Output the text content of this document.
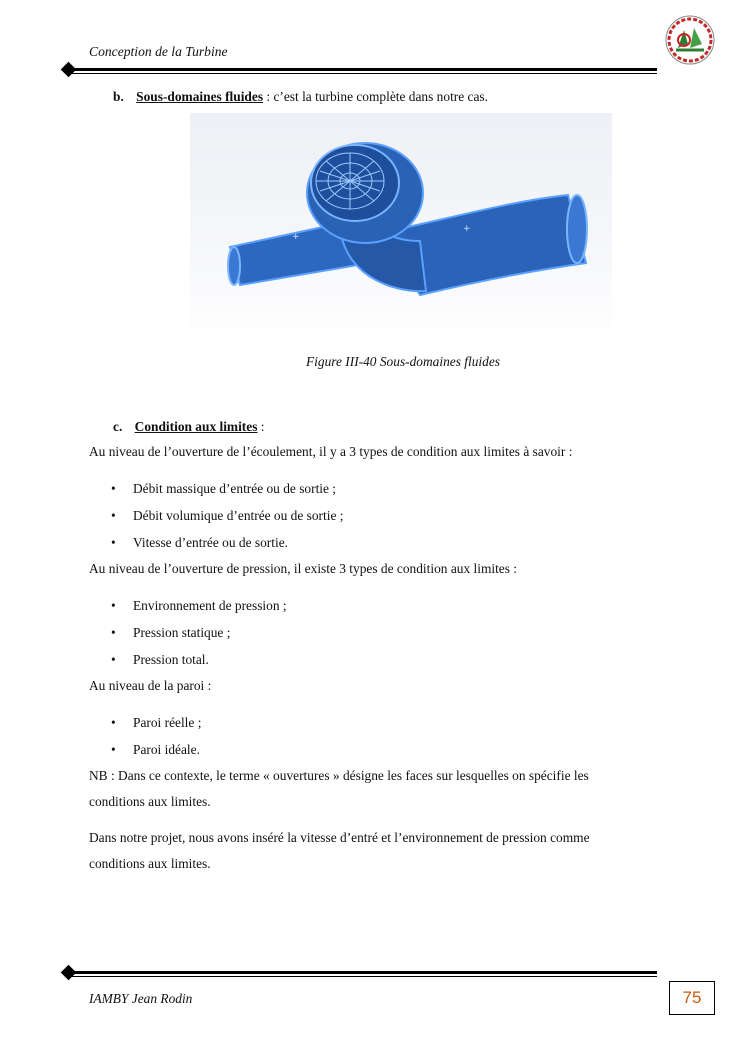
Conception de la Turbine
b. Sous-domaines fluides : c’est la turbine complète dans notre cas.
+
+
Figure III-40 Sous-domaines fluides
c. Condition aux limites :
Au niveau de l’ouverture de l’écoulement, il y a 3 types de condition aux limites à savoir :
• Débit massique d’entrée ou de sortie ;
• Débit volumique d’entrée ou de sortie ;
• Vitesse d’entrée ou de sortie.
Au niveau de l’ouverture de pression, il existe 3 types de condition aux limites :
• Environnement de pression ;
• Pression statique ;
• Pression total.
Au niveau de la paroi :
• Paroi réelle ;
• Paroi idéale.
NB : Dans ce contexte, le terme « ouvertures » désigne les faces sur lesquelles on spécifie les
conditions aux limites.
Dans notre projet, nous avons inséré la vitesse d’entré et l’environnement de pression comme
conditions aux limites.
IAMBY Jean Rodin	75
